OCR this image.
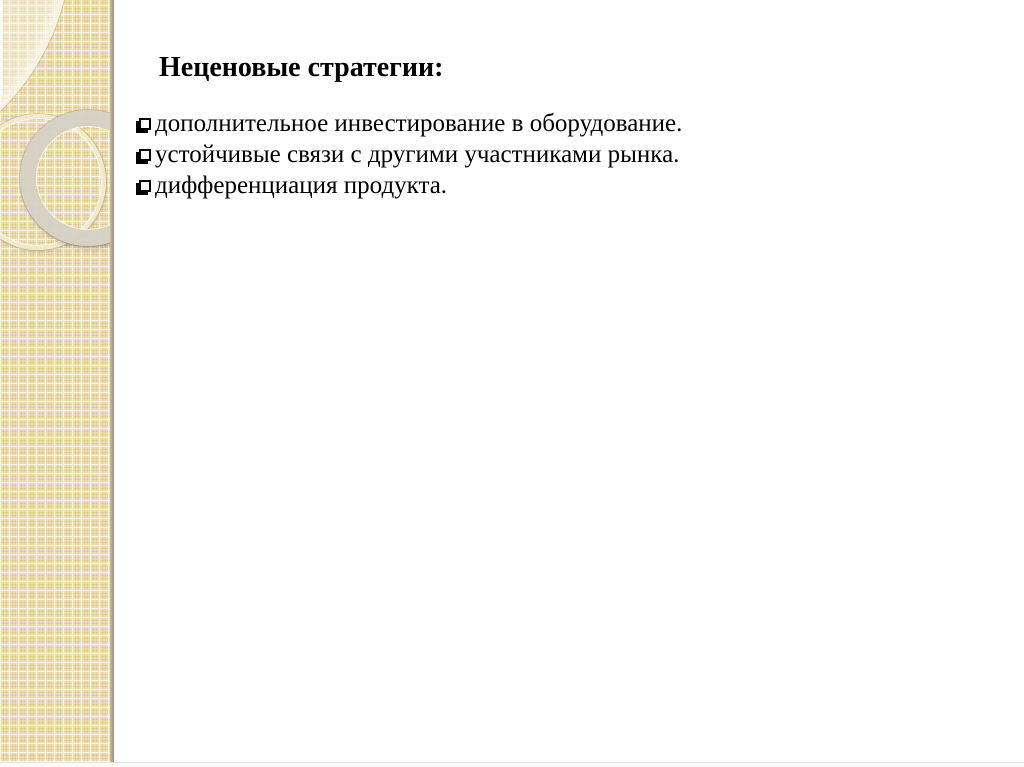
Неценовые стратегии:
дополнительное инвестирование в оборудование.
устойчивые связи с другими участниками рынка.
дифференциация продукта.
